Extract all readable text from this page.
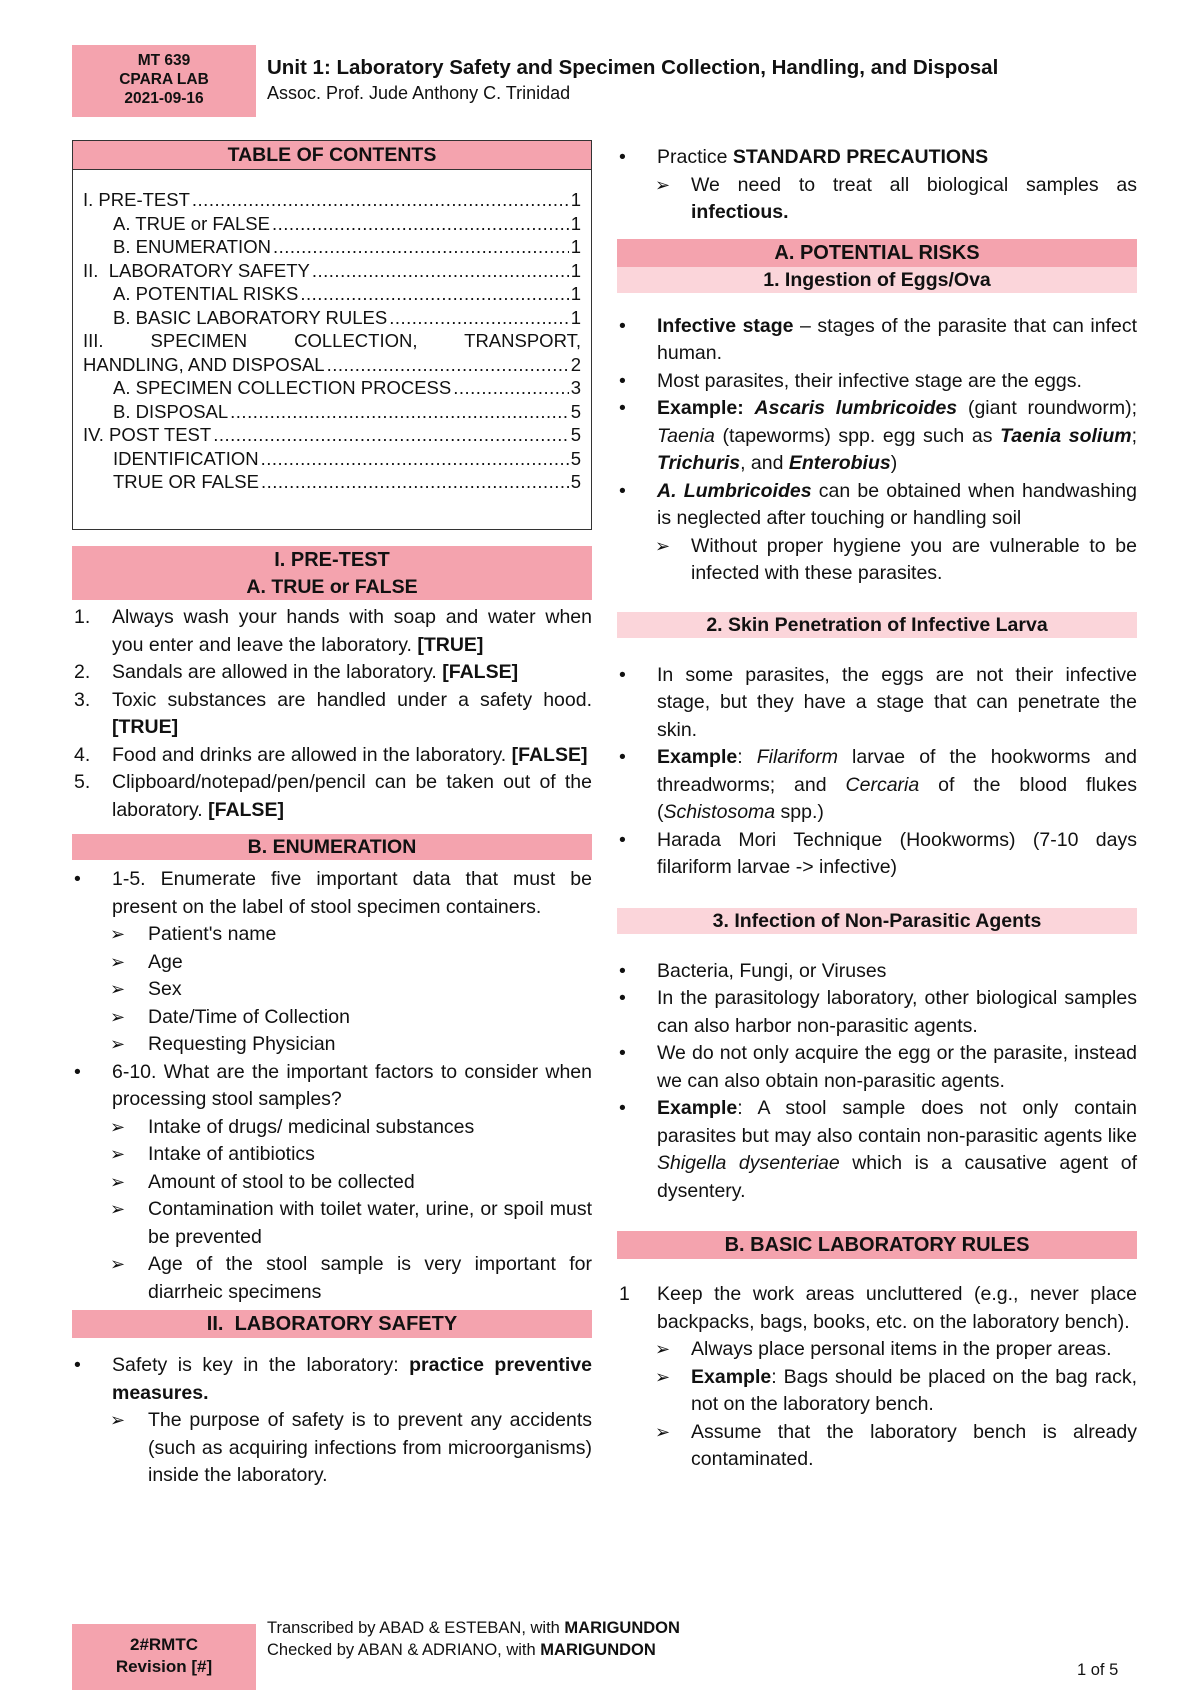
MT 639
CPARA LAB
2021-09-16
Unit 1: Laboratory Safety and Specimen Collection, Handling, and Disposal
Assoc. Prof. Jude Anthony C. Trinidad
TABLE OF CONTENTS
I. PRE-TEST .....	1
A. TRUE or FALSE .....	1
B. ENUMERATION .....	1
II.  LABORATORY SAFETY .....	1
A. POTENTIAL RISKS .....	1
B. BASIC LABORATORY RULES .....	1
III. SPECIMEN COLLECTION, TRANSPORT,
HANDLING, AND DISPOSAL .....	2
A. SPECIMEN COLLECTION PROCESS .....	3
B. DISPOSAL .....	5
IV. POST TEST .....	5
IDENTIFICATION .....	5
TRUE OR FALSE .....	5
I. PRE-TEST
A. TRUE or FALSE
1. Always wash your hands with soap and water when you enter and leave the laboratory. [TRUE]
2. Sandals are allowed in the laboratory. [FALSE]
3. Toxic substances are handled under a safety hood. [TRUE]
4. Food and drinks are allowed in the laboratory. [FALSE]
5. Clipboard/notepad/pen/pencil can be taken out of the laboratory. [FALSE]
B. ENUMERATION
• 1-5. Enumerate five important data that must be present on the label of stool specimen containers.
➢ Patient's name
➢ Age
➢ Sex
➢ Date/Time of Collection
➢ Requesting Physician
• 6-10. What are the important factors to consider when processing stool samples?
➢ Intake of drugs/ medicinal substances
➢ Intake of antibiotics
➢ Amount of stool to be collected
➢ Contamination with toilet water, urine, or spoil must be prevented
➢ Age of the stool sample is very important for diarrheic specimens
II.  LABORATORY SAFETY
• Safety is key in the laboratory: practice preventive measures.
➢ The purpose of safety is to prevent any accidents (such as acquiring infections from microorganisms) inside the laboratory.
• Practice STANDARD PRECAUTIONS
➢ We need to treat all biological samples as infectious.
A. POTENTIAL RISKS
1. Ingestion of Eggs/Ova
• Infective stage – stages of the parasite that can infect human.
• Most parasites, their infective stage are the eggs.
• Example: Ascaris lumbricoides (giant roundworm); Taenia (tapeworms) spp. egg such as Taenia solium; Trichuris, and Enterobius)
• A. Lumbricoides can be obtained when handwashing is neglected after touching or handling soil
➢ Without proper hygiene you are vulnerable to be infected with these parasites.
2. Skin Penetration of Infective Larva
• In some parasites, the eggs are not their infective stage, but they have a stage that can penetrate the skin.
• Example: Filariform larvae of the hookworms and threadworms; and Cercaria of the blood flukes (Schistosoma spp.)
• Harada Mori Technique (Hookworms) (7-10 days filariform larvae -> infective)
3. Infection of Non-Parasitic Agents
• Bacteria, Fungi, or Viruses
• In the parasitology laboratory, other biological samples can also harbor non-parasitic agents.
• We do not only acquire the egg or the parasite, instead we can also obtain non-parasitic agents.
• Example: A stool sample does not only contain parasites but may also contain non-parasitic agents like Shigella dysenteriae which is a causative agent of dysentery.
B. BASIC LABORATORY RULES
1 Keep the work areas uncluttered (e.g., never place backpacks, bags, books, etc. on the laboratory bench).
➢ Always place personal items in the proper areas.
➢ Example: Bags should be placed on the bag rack, not on the laboratory bench.
➢ Assume that the laboratory bench is already contaminated.
2#RMTC
Revision [#]
Transcribed by ABAD & ESTEBAN, with MARIGUNDON
Checked by ABAN & ADRIANO, with MARIGUNDON
1 of 5
